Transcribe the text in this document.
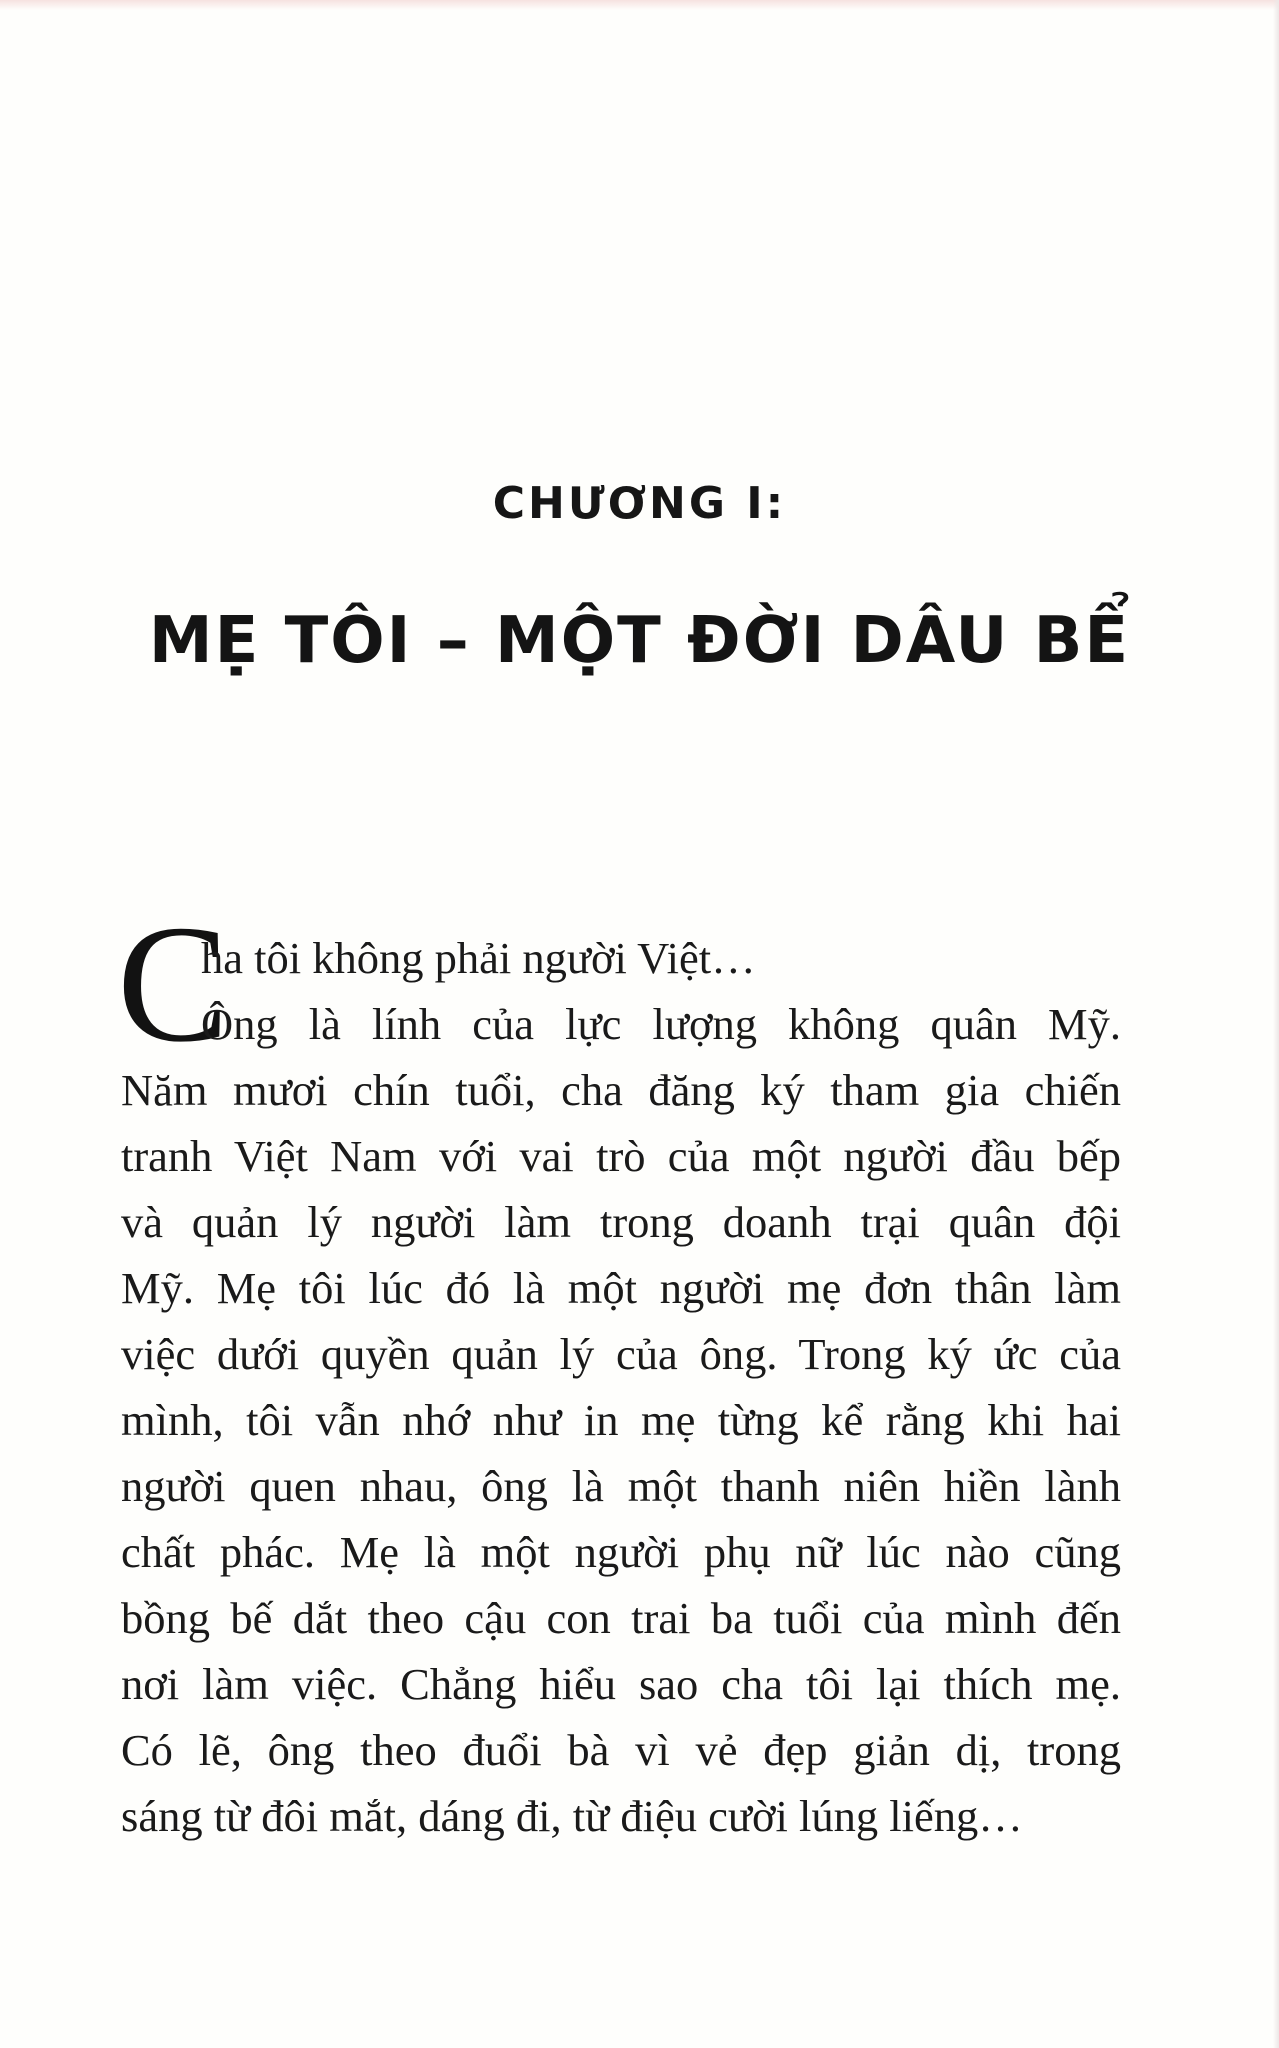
CHƯƠNG I:
MẸ TÔI – MỘT ĐỜI DÂU BỂ
C
ha tôi không phải người Việt…
Ông là lính của lực lượng không quân Mỹ.
Năm mươi chín tuổi, cha đăng ký tham gia chiến
tranh Việt Nam với vai trò của một người đầu bếp
và quản lý người làm trong doanh trại quân đội
Mỹ. Mẹ tôi lúc đó là một người mẹ đơn thân làm
việc dưới quyền quản lý của ông. Trong ký ức của
mình, tôi vẫn nhớ như in mẹ từng kể rằng khi hai
người quen nhau, ông là một thanh niên hiền lành
chất phác. Mẹ là một người phụ nữ lúc nào cũng
bồng bế dắt theo cậu con trai ba tuổi của mình đến
nơi làm việc. Chẳng hiểu sao cha tôi lại thích mẹ.
Có lẽ, ông theo đuổi bà vì vẻ đẹp giản dị, trong
sáng từ đôi mắt, dáng đi, từ điệu cười lúng liếng…
